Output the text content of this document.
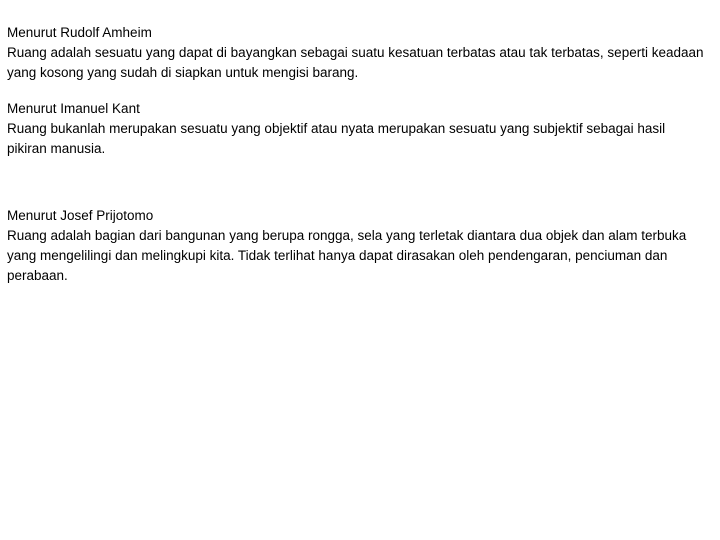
Menurut Rudolf Amheim

Ruang adalah sesuatu yang dapat di bayangkan sebagai suatu kesatuan terbatas atau tak terbatas, seperti keadaan yang kosong yang sudah di siapkan untuk mengisi barang.

Menurut Imanuel Kant

Ruang bukanlah merupakan sesuatu yang objektif atau nyata merupakan sesuatu yang subjektif sebagai hasil pikiran manusia.

Menurut Josef Prijotomo

Ruang adalah bagian dari bangunan yang berupa rongga, sela yang terletak diantara dua objek dan alam terbuka yang mengelilingi dan melingkupi kita. Tidak terlihat hanya dapat dirasakan oleh pendengaran, penciuman dan perabaan.
